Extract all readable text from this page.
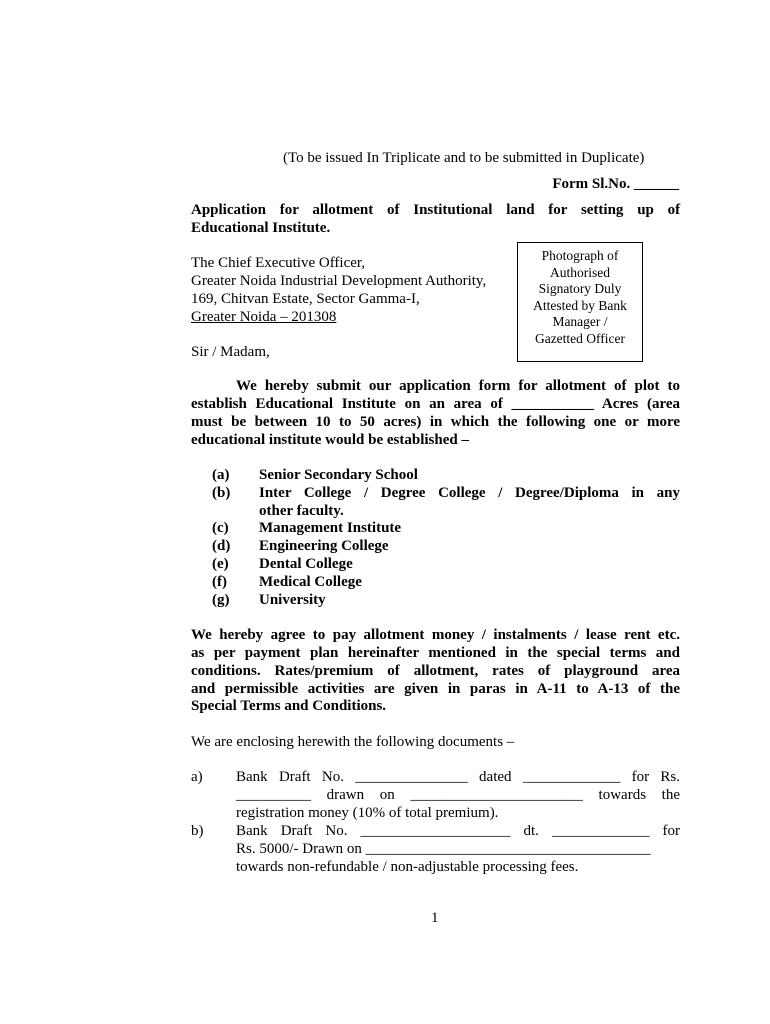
(To be issued In Triplicate and to be submitted in Duplicate)
Form Sl.No. ______
Application for allotment of Institutional land for setting up of
Educational Institute.
The Chief Executive Officer,
Greater Noida Industrial Development Authority,
169, Chitvan Estate, Sector Gamma-I,
Greater Noida – 201308
Photograph of
Authorised
Signatory Duly
Attested by Bank
Manager /
Gazetted Officer
Sir / Madam,
We hereby submit our application form for allotment of plot to
establish Educational Institute on an area of ___________ Acres (area
must be between 10 to 50 acres) in which the following one or more
educational institute would be established –
(a)	Senior Secondary School
(b)	Inter College / Degree College / Degree/Diploma in any
other faculty.
(c)	Management Institute
(d)	Engineering College
(e)	Dental College
(f)	Medical College
(g)	University
We hereby agree to pay allotment money / instalments / lease rent etc.
as per payment plan hereinafter mentioned in the special terms and
conditions. Rates/premium of allotment, rates of playground area
and permissible activities are given in paras in A-11 to A-13 of the
Special Terms and Conditions.
We are enclosing herewith the following documents –
a) Bank Draft No. _______________ dated _____________ for Rs.
__________ drawn on _______________________ towards the
registration money (10% of total premium).
b) Bank Draft No. ____________________ dt. _____________ for
Rs. 5000/- Drawn on ______________________________________
towards non-refundable / non-adjustable processing fees.
1
